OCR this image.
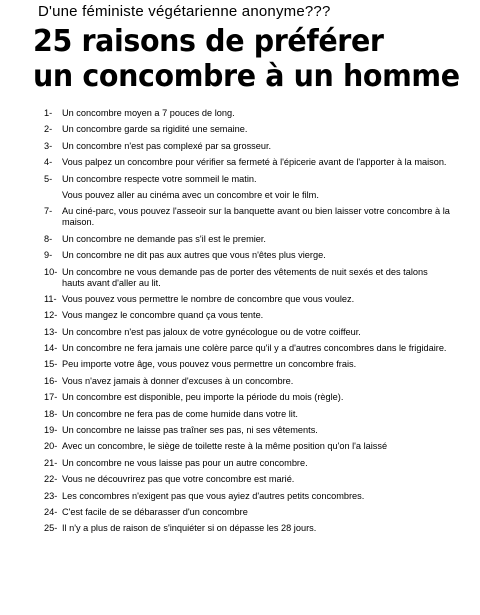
D'une féministe végétarienne anonyme???
25 raisons de préférer
un concombre à un homme
1-	Un concombre moyen a 7 pouces de long.
2-	Un concombre garde sa rigidité une semaine.
3-	Un concombre n'est pas complexé par sa grosseur.
4-	Vous palpez un concombre pour vérifier sa fermeté à l'épicerie avant de l'apporter à la maison.
5-	Un concombre respecte votre sommeil le matin.
Vous pouvez aller au cinéma avec un concombre et voir le film.
7-	Au ciné-parc, vous pouvez l'asseoir sur la banquette avant ou bien laisser votre concombre à la maison.
8-	Un concombre ne demande pas s'il est le premier.
9-	Un concombre ne dit pas aux autres que vous n'êtes plus vierge.
10- Un concombre ne vous demande pas de porter des vêtements de nuit sexés et des talons hauts avant d'aller au lit.
11- Vous pouvez vous permettre le nombre de concombre que vous voulez.
12- Vous mangez le concombre quand ça vous tente.
13- Un concombre n'est pas jaloux de votre gynécologue ou de votre coiffeur.
14- Un concombre ne fera jamais une colère parce qu'il y a d'autres concombres dans le frigidaire.
15- Peu importe votre âge, vous pouvez vous permettre un concombre frais.
16- Vous n'avez jamais à donner d'excuses à un concombre.
17- Un concombre est disponible, peu importe la période du mois (règle).
18- Un concombre ne fera pas de come humide dans votre lit.
19- Un concombre ne laisse pas traîner ses pas, ni ses vêtements.
20- Avec un concombre, le siège de toilette reste à la même position qu'on l'a laissé
21- Un concombre ne vous laisse pas pour un autre concombre.
22- Vous ne découvrirez pas que votre concombre est marié.
23- Les concombres n'exigent pas que vous ayiez d'autres petits concombres.
24- C'est facile de se débarasser d'un concombre
25- Il n'y a plus de raison de s'inquiéter si on dépasse les 28 jours.
